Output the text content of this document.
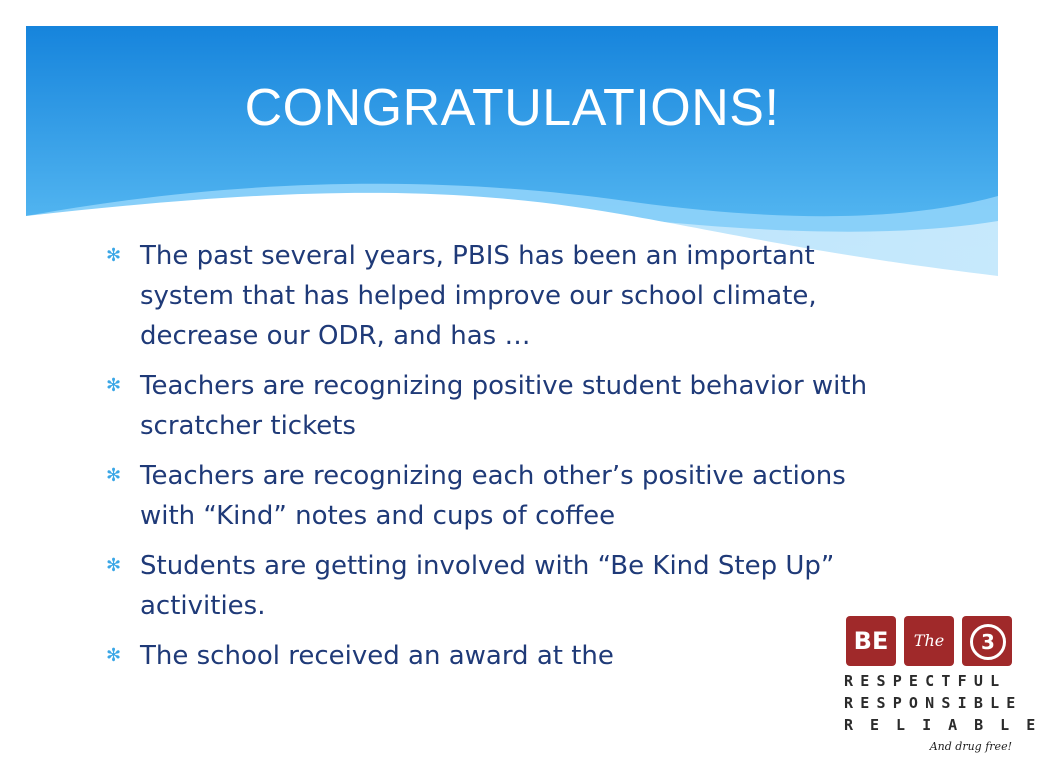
CONGRATULATIONS!
✻ The past several years, PBIS has been an important system that has helped improve our school climate, decrease our ODR, and has …
✻ Teachers are recognizing positive student behavior with scratcher tickets
✻ Teachers are recognizing each other’s positive actions with “Kind” notes and cups of coffee
✻ Students are getting involved with “Be Kind Step Up” activities.
✻ The school received an award at the	BE	The	3
RESPECTFUL
RESPONSIBLE
RELIABLE
And drug free!
